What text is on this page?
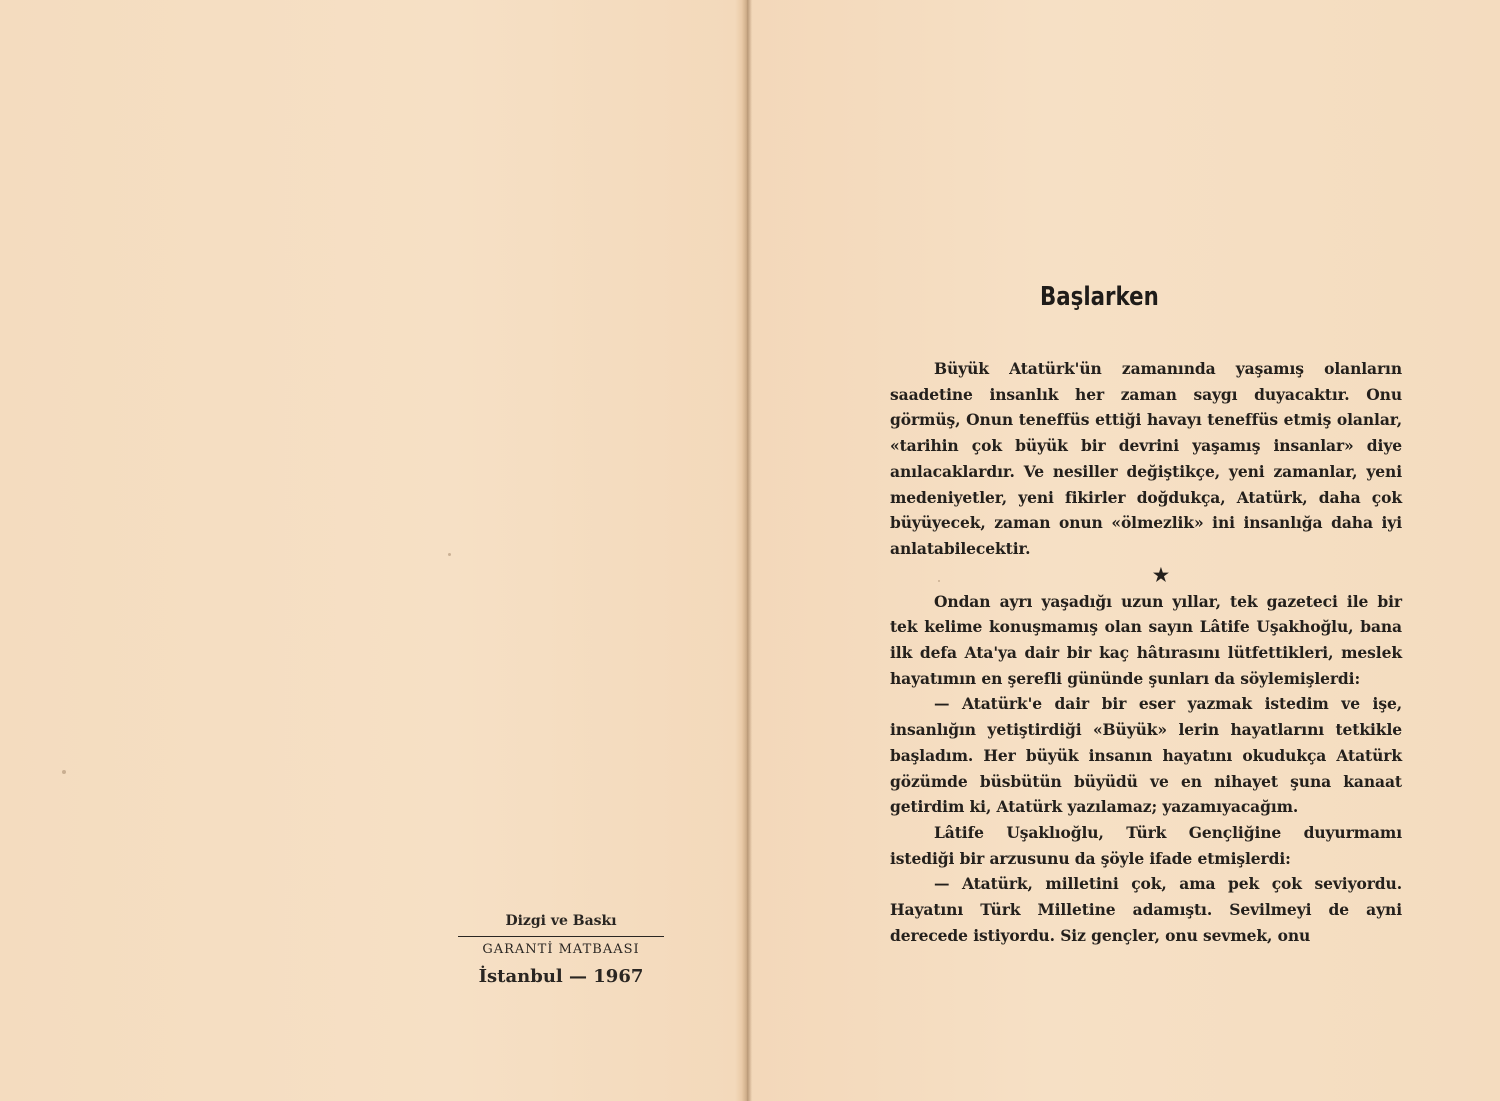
Dizgi ve Baskı
GARANTİ MATBAASI
İstanbul — 1967
Başlarken

Büyük Atatürk'ün zamanında yaşamış olanların saadetine insanlık her zaman saygı duyacaktır. Onu görmüş, Onun teneffüs ettiği havayı teneffüs etmiş olanlar, «tarihin çok büyük bir devrini yaşamış insanlar» diye anılacaklardır. Ve nesiller değiştikçe, yeni zamanlar, yeni medeniyetler, yeni fikirler doğdukça, Atatürk, daha çok büyüyecek, zaman onun «ölmezlik» ini insanlığa daha iyi anlatabilecektir.

★

Ondan ayrı yaşadığı uzun yıllar, tek gazeteci ile bir tek kelime konuşmamış olan sayın Lâtife Uşakhoğlu, bana ilk defa Ata'ya dair bir kaç hâtırasını lütfettikleri, meslek hayatımın en şerefli gününde şunları da söylemişlerdi:

— Atatürk'e dair bir eser yazmak istedim ve işe, insanlığın yetiştirdiği «Büyük» lerin hayatlarını tetkikle başladım. Her büyük insanın hayatını okudukça Atatürk gözümde büsbütün büyüdü ve en nihayet şuna kanaat getirdim ki, Atatürk yazılamaz; yazamıyacağım.

Lâtife Uşaklıoğlu, Türk Gençliğine duyurmamı istediği bir arzusunu da şöyle ifade etmişlerdi:

— Atatürk, milletini çok, ama pek çok seviyordu. Hayatını Türk Milletine adamıştı. Sevilmeyi de ayni derecede istiyordu. Siz gençler, onu sevmek, onu
